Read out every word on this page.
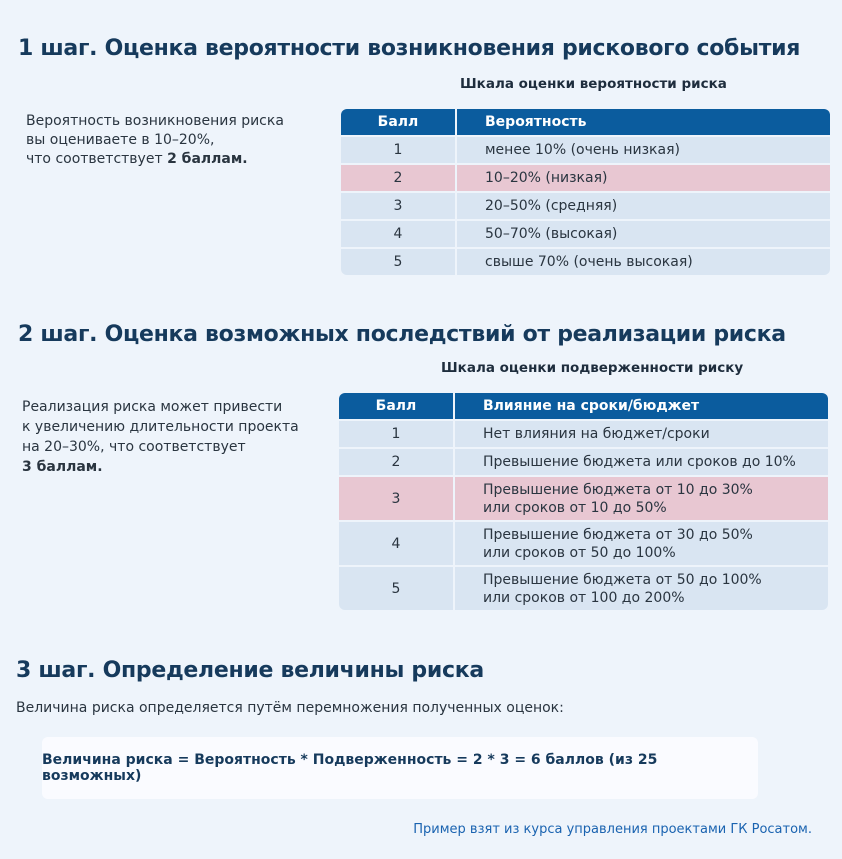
1 шаг. Оценка вероятности возникновения рискового события
Шкала оценки вероятности риска
Вероятность возникновения риска
вы оцениваете в 10–20%,
что соответствует 2 баллам.
Балл	Вероятность
1	менее 10% (очень низкая)

2	10–20% (низкая)

3	20–50% (средняя)

4	50–70% (высокая)

5	свыше 70% (очень высокая)
2 шаг. Оценка возможных последствий от реализации риска
Шкала оценки подверженности риску
Реализация риска может привести
к увеличению длительности проекта
на 20–30%, что соответствует
3 баллам.
Балл	Влияние на сроки/бюджет
1	Нет влияния на бюджет/сроки

2	Превышение бюджета или сроков до 10%

3	Превышение бюджета от 10 до 30%
или сроков от 10 до 50%

4	Превышение бюджета от 30 до 50%
или сроков от 50 до 100%

5	Превышение бюджета от 50 до 100%
или сроков от 100 до 200%
3 шаг. Определение величины риска
Величина риска определяется путём перемножения полученных оценок:
Величина риска = Вероятность * Подверженность = 2 * 3 = 6 баллов (из 25 возможных)
Пример взят из курса управления проектами ГК Росатом.
